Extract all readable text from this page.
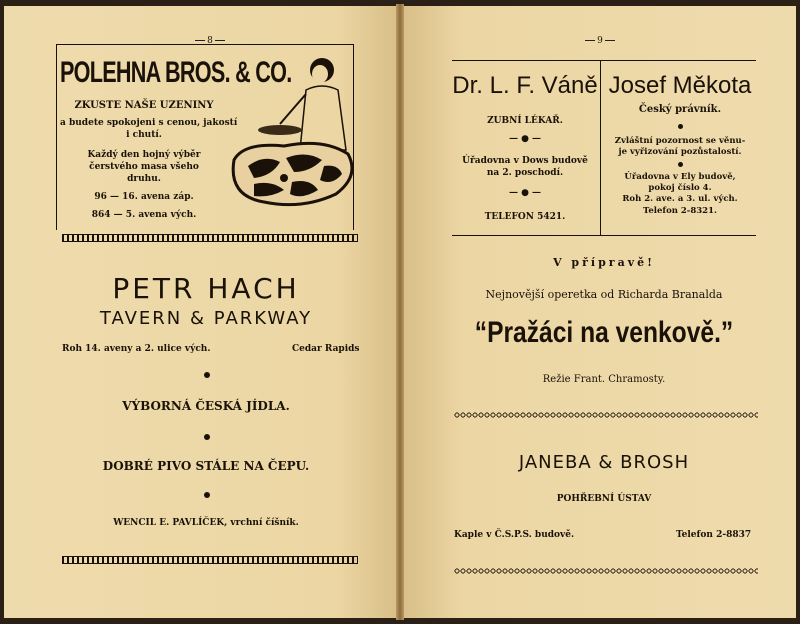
8
POLEHNA BROS. & CO.
ZKUSTE NAŠE UZENINY
a budete spokojeni s cenou, jakostí
i chutí.
Každý den hojný výběr
čerstvého masa všeho
druhu.
96 — 16. avena záp.
864 — 5. avena vých.
PETR HACH
TAVERN & PARKWAY
Roh 14. aveny a 2. ulice vých.	Cedar Rapids
VÝBORNÁ ČESKÁ JÍDLA.
DOBRÉ PIVO STÁLE NA ČEPU.
WENCIL E. PAVLÍČEK, vrchní číšník.
9
Dr. L. F. Váně
ZUBNÍ LÉKAŘ.
— ● —
Úřadovna v Dows budově
na 2. poschodí.
— ● —
TELEFON 5421.
Josef Měkota
Český právník.
Zvláštní pozornost se věnu-
je vyřizování pozůstalostí.
Úřadovna v Ely budově,
pokoj číslo 4.
Roh 2. ave. a 3. ul. vých.
Telefon 2-8321.
V přípravě!
Nejnovější operetka od Richarda Branalda
“Pražáci na venkově.”
Režie Frant. Chramosty.
JANEBA & BROSH
POHŘEBNÍ ÚSTAV
Kaple v Č.S.P.S. budově.	Telefon 2-8837
